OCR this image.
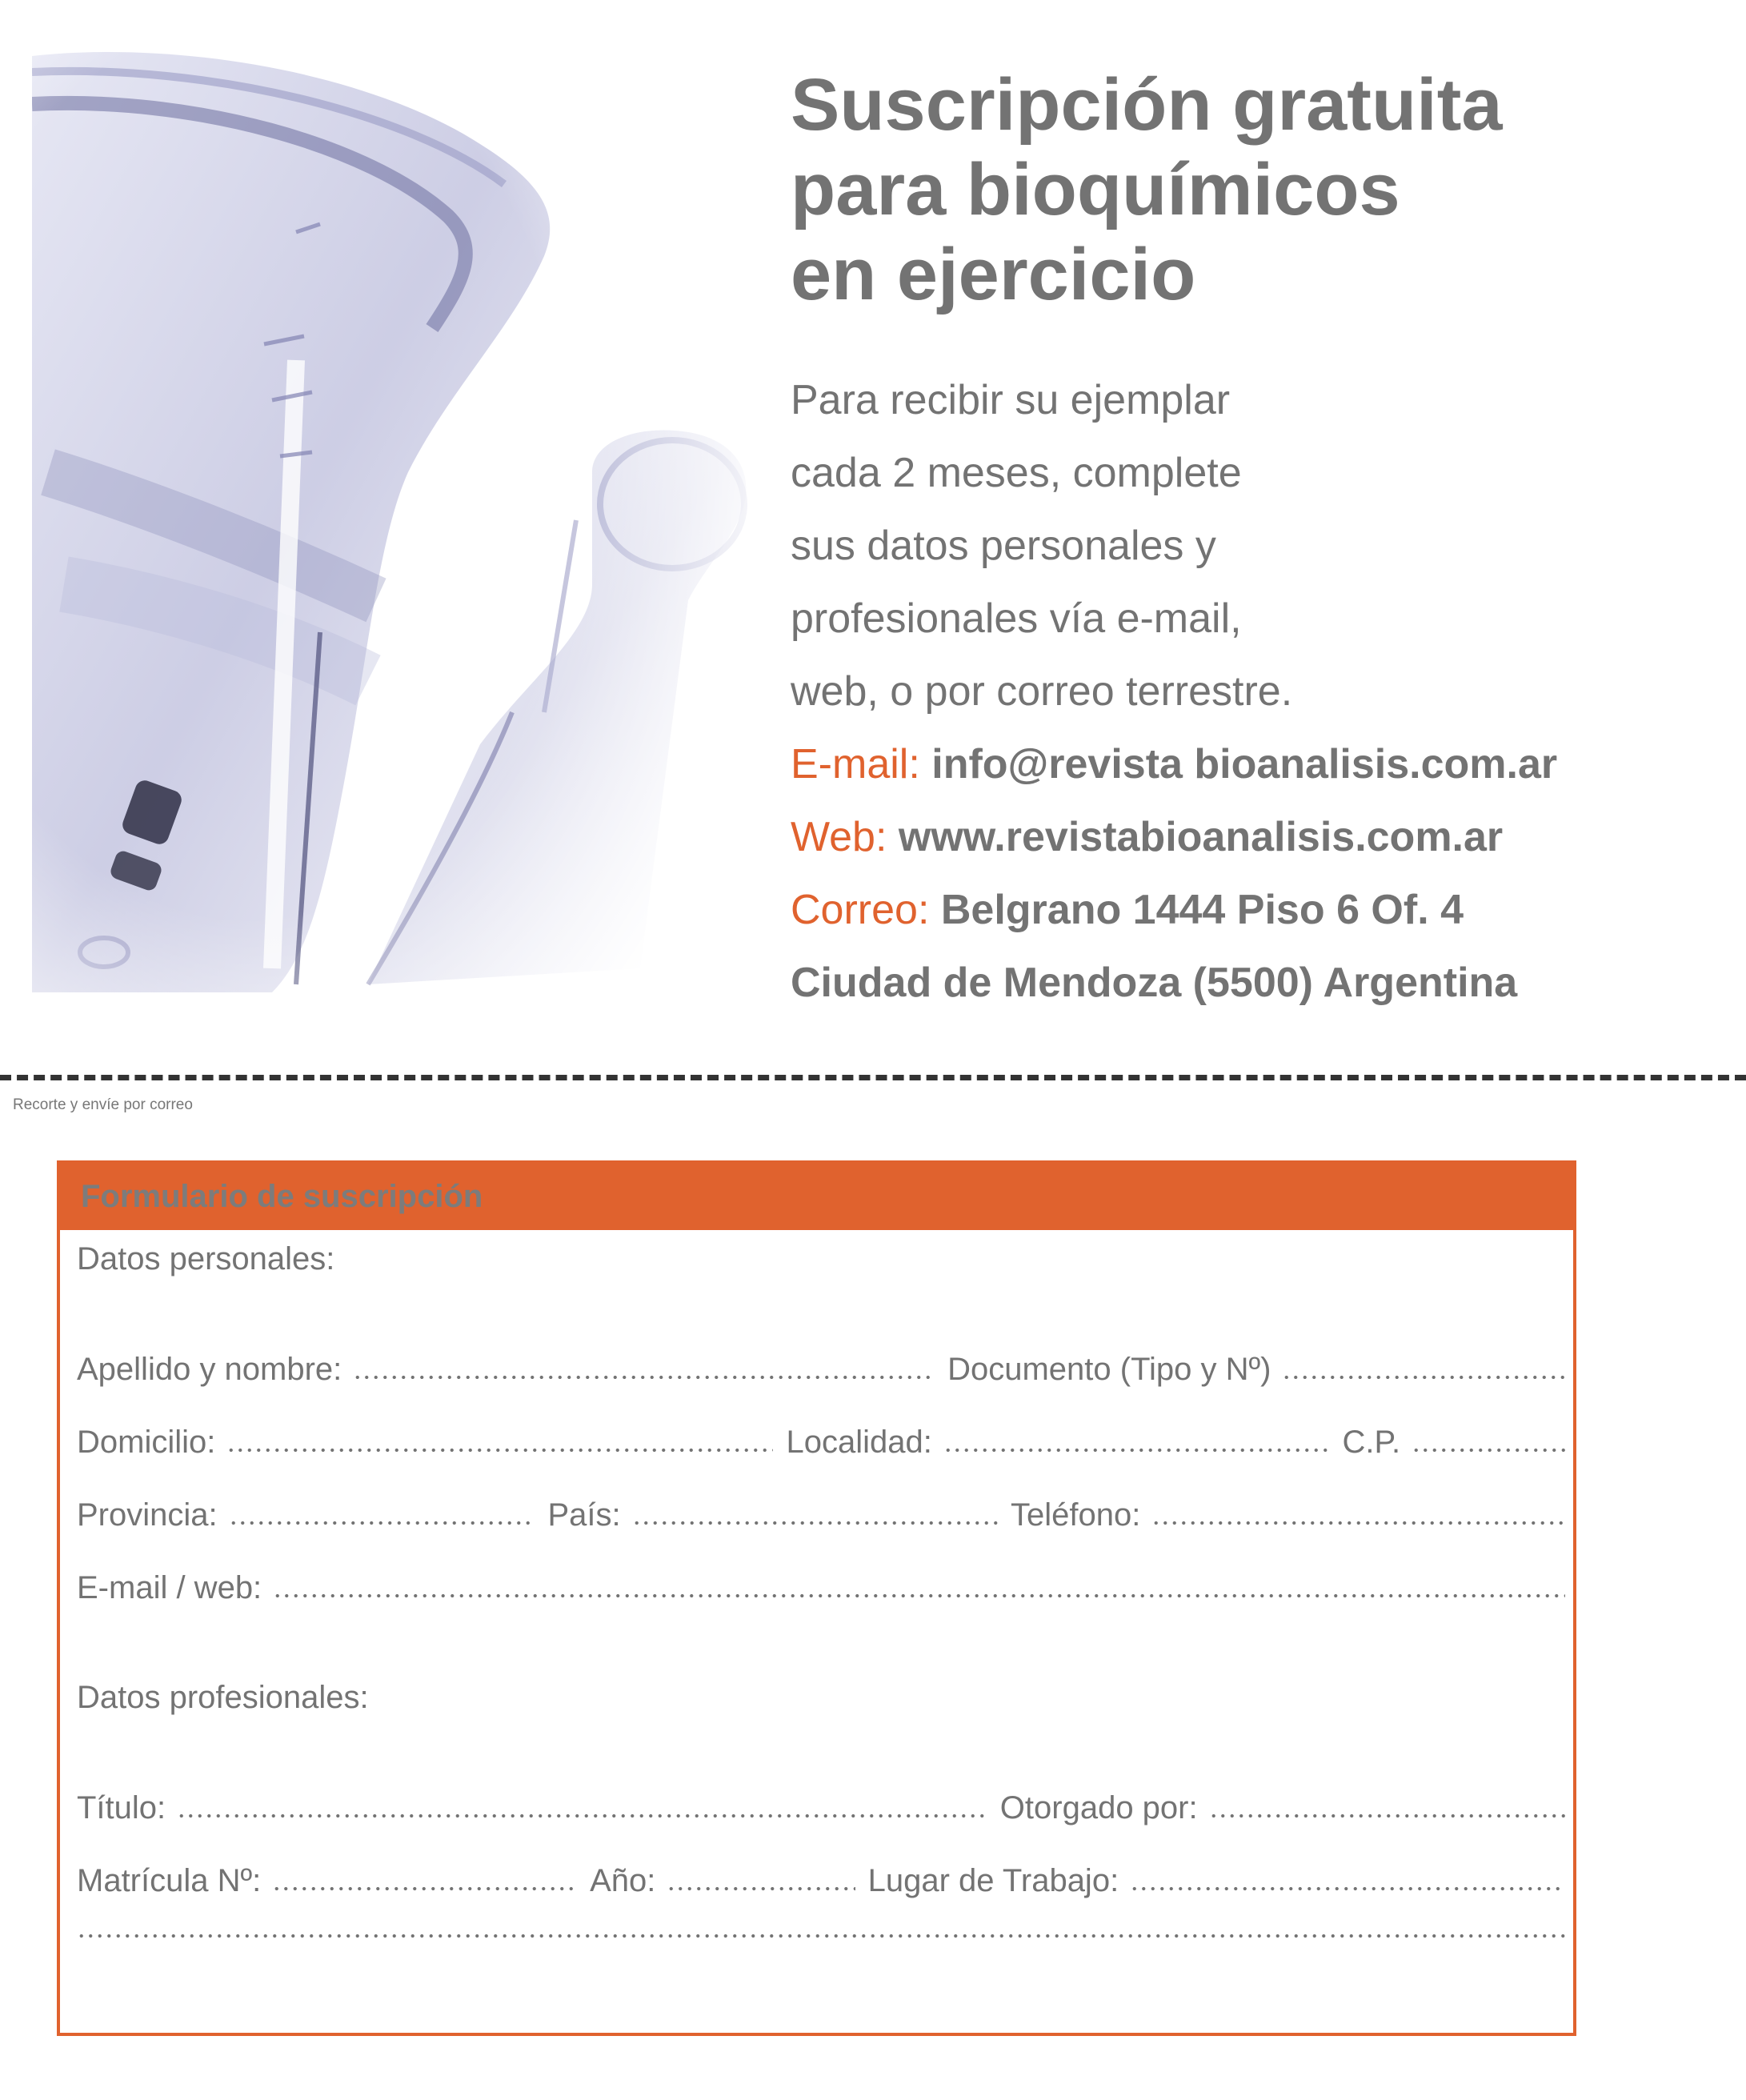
Suscripción gratuita
para bioquímicos
en ejercicio
Para recibir su ejemplar
cada 2 meses, complete
sus datos personales y
profesionales vía e-mail,
web, o por correo terrestre.
E-mail: info@revista bioanalisis.com.ar
Web: www.revistabioanalisis.com.ar
Correo: Belgrano 1444 Piso 6 Of. 4
Ciudad de Mendoza (5500) Argentina
Recorte y envíe por correo
Formulario de suscripción
Datos personales:
Apellido y nombre:	Documento (Tipo y Nº)
Domicilio:	Localidad:	C.P.
Provincia:	País:	Teléfono:
E-mail / web:
Datos profesionales:
Título:	Otorgado por:
Matrícula Nº:	Año:	Lugar de Trabajo:
